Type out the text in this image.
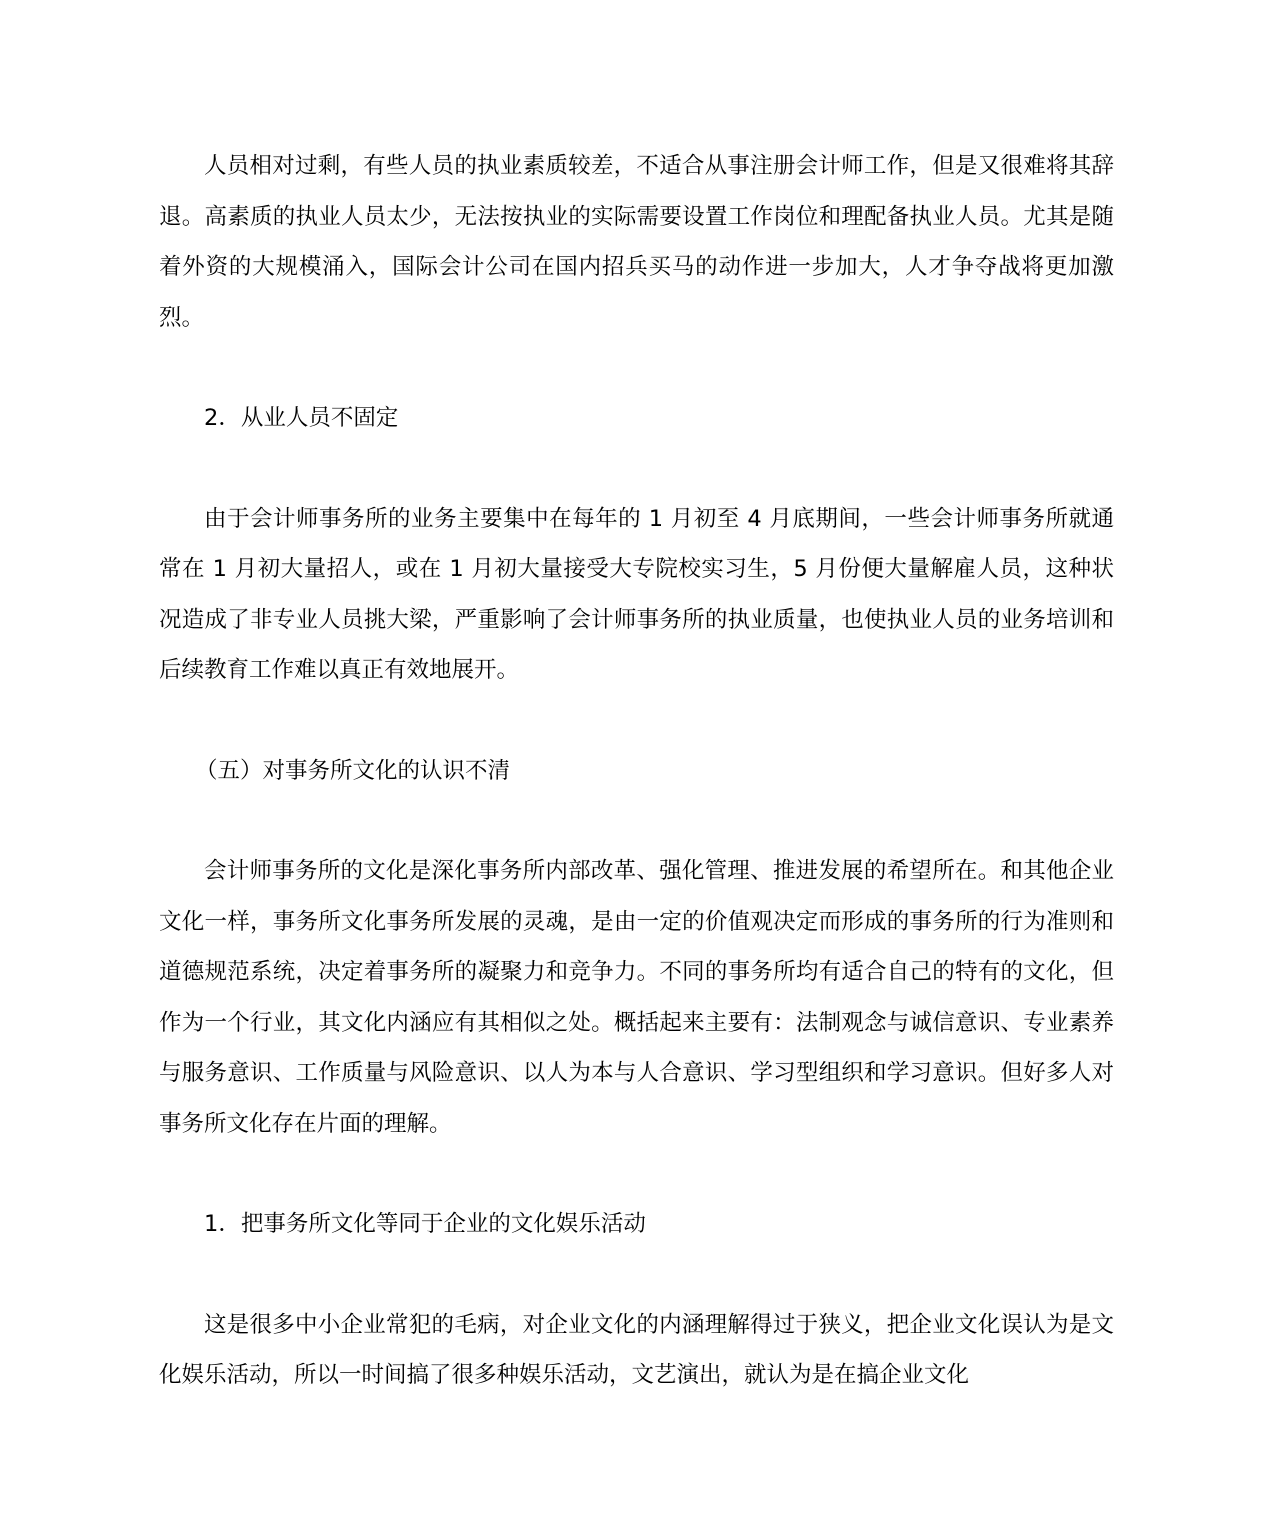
人员相对过剩，有些人员的执业素质较差，不适合从事注册会计师工作，但是又很难将其辞退。高素质的执业人员太少，无法按执业的实际需要设置工作岗位和理配备执业人员。尤其是随着外资的大规模涌入，国际会计公司在国内招兵买马的动作进一步加大，人才争夺战将更加激烈。

2．从业人员不固定

由于会计师事务所的业务主要集中在每年的 1 月初至 4 月底期间，一些会计师事务所就通常在 1 月初大量招人，或在 1 月初大量接受大专院校实习生，5 月份便大量解雇人员，这种状况造成了非专业人员挑大梁，严重影响了会计师事务所的执业质量，也使执业人员的业务培训和后续教育工作难以真正有效地展开。

（五）对事务所文化的认识不清

会计师事务所的文化是深化事务所内部改革、强化管理、推进发展的希望所在。和其他企业文化一样，事务所文化事务所发展的灵魂，是由一定的价值观决定而形成的事务所的行为准则和道德规范系统，决定着事务所的凝聚力和竞争力。不同的事务所均有适合自己的特有的文化，但作为一个行业，其文化内涵应有其相似之处。概括起来主要有：法制观念与诚信意识、专业素养与服务意识、工作质量与风险意识、以人为本与人合意识、学习型组织和学习意识。但好多人对事务所文化存在片面的理解。

1．把事务所文化等同于企业的文化娱乐活动

这是很多中小企业常犯的毛病，对企业文化的内涵理解得过于狭义，把企业文化误认为是文化娱乐活动，所以一时间搞了很多种娱乐活动，文艺演出，就认为是在搞企业文化
